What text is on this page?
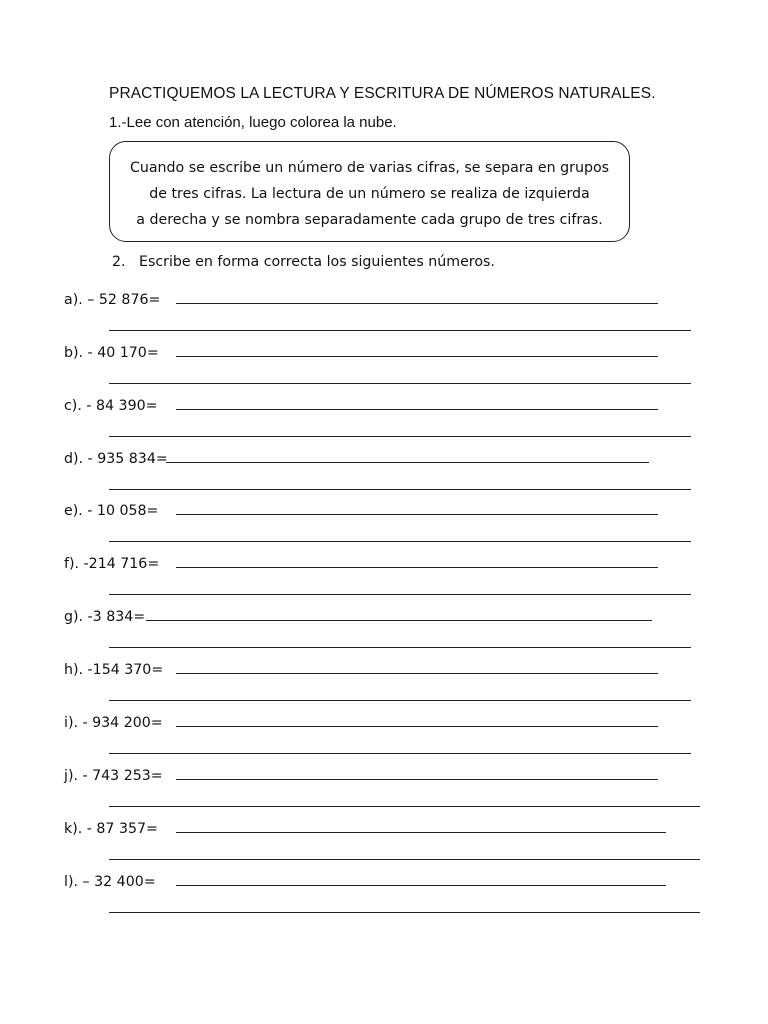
PRACTIQUEMOS LA LECTURA Y ESCRITURA DE NÚMEROS NATURALES.
1.-Lee con atención, luego colorea la nube.
Cuando se escribe un número de varias cifras, se separa en grupos
de tres cifras. La lectura de un número se realiza de izquierda
a derecha y se nombra separadamente cada grupo de tres cifras.
2. Escribe en forma correcta los siguientes números.
a). – 52 876=
b). - 40 170=
c). - 84 390=
d). - 935 834=
e). - 10 058=
f). -214 716=
g). -3 834=
h). -154 370=
i). - 934 200=
j). - 743 253=
k). - 87 357=
l). – 32 400=
